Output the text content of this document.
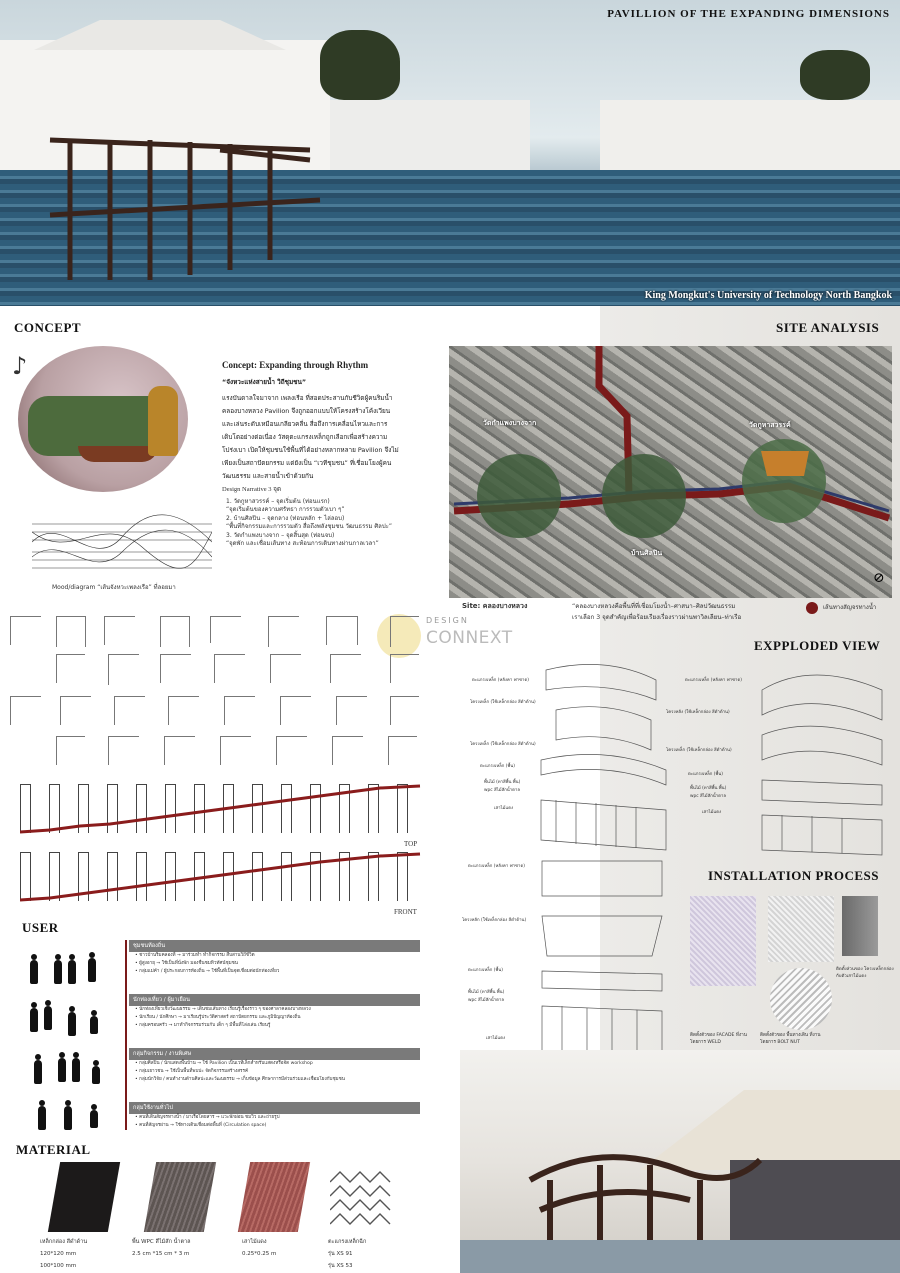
PAVILLION OF THE EXPANDING DIMENSIONS
King Mongkut's University of Technology North Bangkok
CONCEPT
♪	Concept: Expanding through Rhythm
“จังหวะแห่งสายน้ำ วิถีชุมชน”
แรงบันดาลใจมาจาก เพลงเรือ ที่สอดประสานกับชีวิตผู้คนริมน้ำ
คลองบางหลวง Pavilion จึงถูกออกแบบให้โครงสร้างโค้งเวียน
และเล่นระดับเหมือนเกลียวคลื่น สื่อถึงการเคลื่อนไหวและการ
เติบโตอย่างต่อเนื่อง วัสดุตะแกรงเหล็กถูกเลือกเพื่อสร้างความ
โปร่งเบา เปิดให้ชุมชนใช้พื้นที่ได้อย่างหลากหลาย Pavilion จึงไม่
เพียงเป็นสถาปัตยกรรม แต่ยังเป็น “เวทีชุมชน” ที่เชื่อมโยงผู้คน
วัฒนธรรม และสายน้ำเข้าด้วยกัน
Design Narrative 3 จุด
1. วัดกูหาสวรรค์ – จุดเริ่มต้น (ท่อนแรก)
“จุดเริ่มต้นของความศรัทธา การรวมตัวเบา ๆ”
2. บ้านศิลปิน – จุดกลาง (ท่อนหลัก + ไล่ลอบ)
“พื้นที่กิจกรรมและการรวมตัว สื่อถึงพลังชุมชน วัฒนธรรม ศิลปะ”
3. วัดกำแพงบางจาก – จุดสิ้นสุด (ท่อนจบ)
“จุดพัก และเชื่อมเส้นทาง สะท้อนการเดินทางผ่านกาลเวลา”
Mood/diagram “เส้นจังหวะเพลงเรือ” ที่ลอยมา
SITE ANALYSIS
วัดกำแพงบางจาก	วัดกูหาสวรรค์
บ้านศิลปิน
⊘
Site: คลองบางหลวง	“คลองบางหลวงคือพื้นที่ที่เชื่อมโยงน้ำ–ศาสนา–ศิลปวัฒนธรรม
เราเลือก 3 จุดสำคัญเพื่อร้อยเรียงเรื่องราวผ่านพาวิลเลียน–ท่าเรือ
เส้นทางสัญจรทางน้ำ
DESIGN
CONNEXT
TOP
FRONT
EXPPLODED VIEW
ตะแกรงเหล็ก (หลังคา ฟาซาด)
โครงเหล็ก (ใช้เหล็กกล่อง สีดำด้าน)
โครงเหล็ก (ใช้เหล็กกล่อง สีดำด้าน)
ตะแกรงเหล็ก (พื้น)
พื้นไม้ (ทาสีพื้น พื้น)
wpc สีไม้สักน้ำตาล
เสาไม้แดง
ตะแกรงเหล็ก (หลังคา ฟาซาด)
โครงหลัง (ใช้เหล็กกล่อง สีดำด้าน)
โครงเหล็ก (ใช้เหล็กกล่อง สีดำด้าน)
ตะแกรงเหล็ก (พื้น)
พื้นไม้ (ทาสีพื้น พื้น)
wpc สีไม้สักน้ำตาล
เสาไม้แดง
ตะแกรงเหล็ก (หลังคา ฟาซาด)
โครงหลัก (ใช้เหล็กกล่อง สีดำด้าน)
ตะแกรงเหล็ก (พื้น)
พื้นไม้ (ทาสีพื้น พื้น)
wpc สีไม้สักน้ำตาล
เสาไม้แดง
INSTALLATION PROCESS
ติดตั้งตัวของ FACADE ที่งาน
โดยการ WELD
ติดตั้งตัวของ พื้นทางเดิน ที่งาน
โดยการ BOLT NUT
ติดตั้งส่วนของ โครงเหล็กกล่อง
กับตัวเสาไม้แดง
USER
ชุมชนท้องถิ่น
• ชาวบ้านริมคลองที่ → มาร่วมทำ ทำกิจกรรม สืบสานวิถีชีวิต
• ผู้สูงอายุ → ใช้เป็นที่นั่งพัก มองชื่นชมทิวทัศน์ชุมชน
• กลุ่มแม่ค้า / ผู้ประกอบการท้องถิ่น → ใช้พื้นที่เป็นจุดเชื่อมต่อนักท่องเที่ยว
นักท่องเที่ยว / ผู้มาเยือน
• นักท่องเที่ยวเชิงวัฒนธรรม → เดินชมเส้นทาง เรียนรู้เรื่องราว ๆ ของศาลาคลองบางหลวง
• นักเรียน / นักศึกษา → มาเรียนรู้ประวัติศาสตร์ สถาปัตยกรรม และภูมิปัญญาท้องถิ่น
• กลุ่มครอบครัว → มาทำกิจกรรมร่วมกับ เด็ก ๆ มีพื้นที่โล่งเล่น เรียนรู้
กลุ่มกิจกรรม / งานพิเศษ
• กลุ่มศิลปิน / นักแสดงพื้นบ้าน → ใช้ Pavilion เป็นเวทีเล็กสำหรับแสดงหรือจัด workshop
• กลุ่มเยาวชน → ใช้เป็นพื้นที่พบปะ จัดกิจกรรมสร้างสรรค์
• กลุ่มนักวิจัย / คนทำงานด้านศิลปะและวัฒนธรรม → เก็บข้อมูล ศึกษาการมีส่วนร่วมและเชื่อมโยงกับชุมชน
กลุ่มใช้งานทั่วไป
• คนที่เดินสัญจรทางน้ำ / มาเรือโดยสาร → แวะพักผ่อน ชมวิว และถ่ายรูป
• คนที่สัญจรผ่าน → ใช้ทางเดินเชื่อมต่อพื้นที่ (Circulation space)
MATERIAL
เหล็กกล่อง สีดำด้าน
120*120 mm
100*100 mm
พื้น WPC สีไม้สัก น้ำตาล
2.5 cm *15 cm * 3 m
เสาไม้แดง
0.25*0.25 m
ตะแกรงเหล็กฉีก
รุ่น XS 91
รุ่น XS 53
